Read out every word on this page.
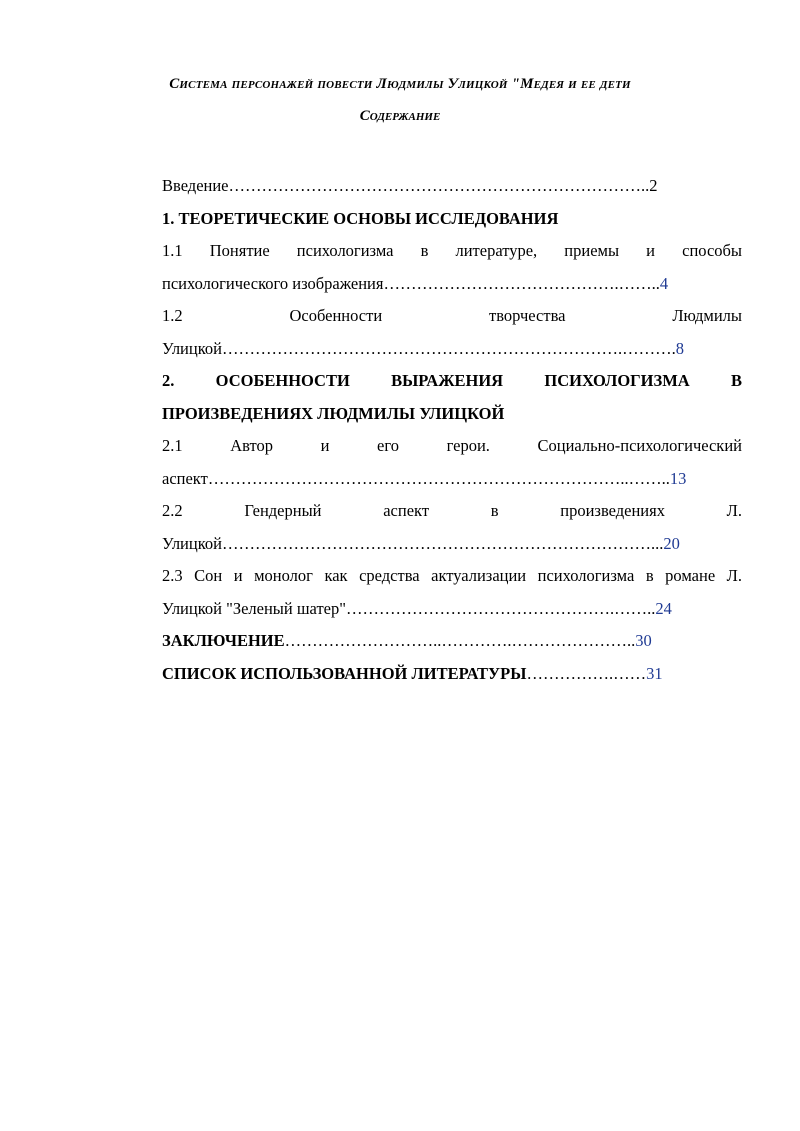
Система персонажей повести Людмилы Улицкой "Медея и ее дети
Содержание
Введение…………………………………………………………………..2
1. ТЕОРЕТИЧЕСКИЕ ОСНОВЫ ИССЛЕДОВАНИЯ
1.1 Понятие психологизма в литературе, приемы и способы
психологического изображения…………………………………….……..4
1.2 Особенности творчества Людмилы
Улицкой……………………………………………………………….……….8
2. ОСОБЕННОСТИ ВЫРАЖЕНИЯ ПСИХОЛОГИЗМА В
ПРОИЗВЕДЕНИЯХ ЛЮДМИЛЫ УЛИЦКОЙ
2.1 Автор и его герои. Социально-психологический
аспект…………………………………………………………………..……..13
2.2 Гендерный аспект в произведениях Л.
Улицкой……………………………………………………………………...20
2.3 Сон и монолог как средства актуализации психологизма в романе Л.
Улицкой "Зеленый шатер"………………………………………….……..24
ЗАКЛЮЧЕНИЕ………………………..………….…………………..30
СПИСОК ИСПОЛЬЗОВАННОЙ ЛИТЕРАТУРЫ…………….……31
